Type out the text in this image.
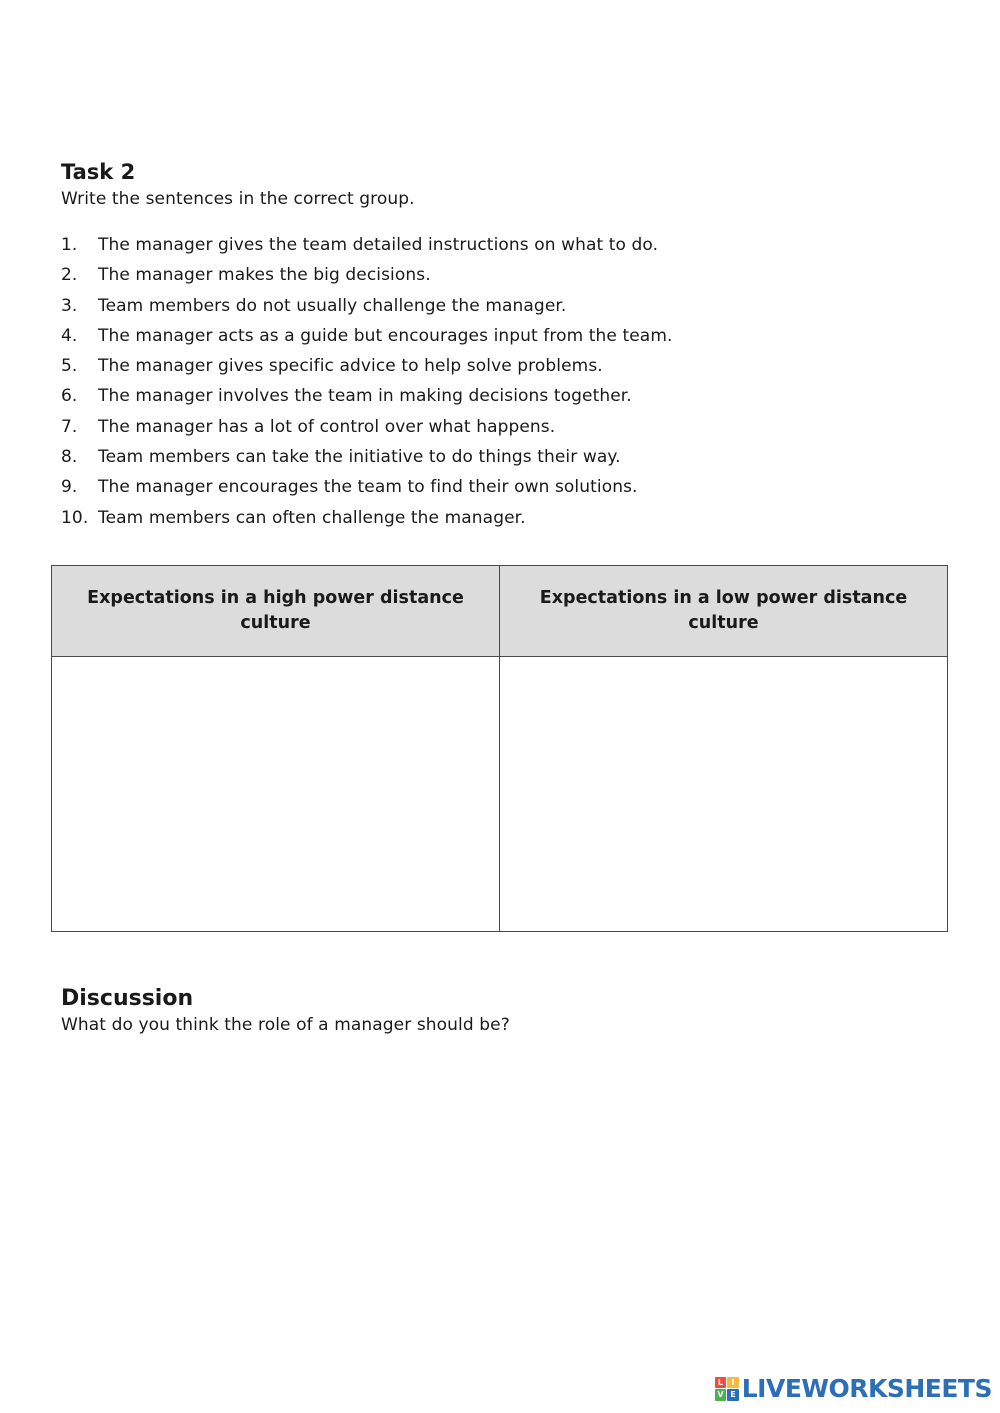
Task 2

Write the sentences in the correct group.

1.	The manager gives the team detailed instructions on what to do.
2.	The manager makes the big decisions.
3.	Team members do not usually challenge the manager.
4.	The manager acts as a guide but encourages input from the team.
5.	The manager gives specific advice to help solve problems.
6.	The manager involves the team in making decisions together.
7.	The manager has a lot of control over what happens.
8.	Team members can take the initiative to do things their way.
9.	The manager encourages the team to find their own solutions.
10. Team members can often challenge the manager.
Expectations in a high power distance culture	Expectations in a low power distance culture

Discussion

What do you think the role of a manager should be?

L	I
V E LIVEWORKSHEETS
